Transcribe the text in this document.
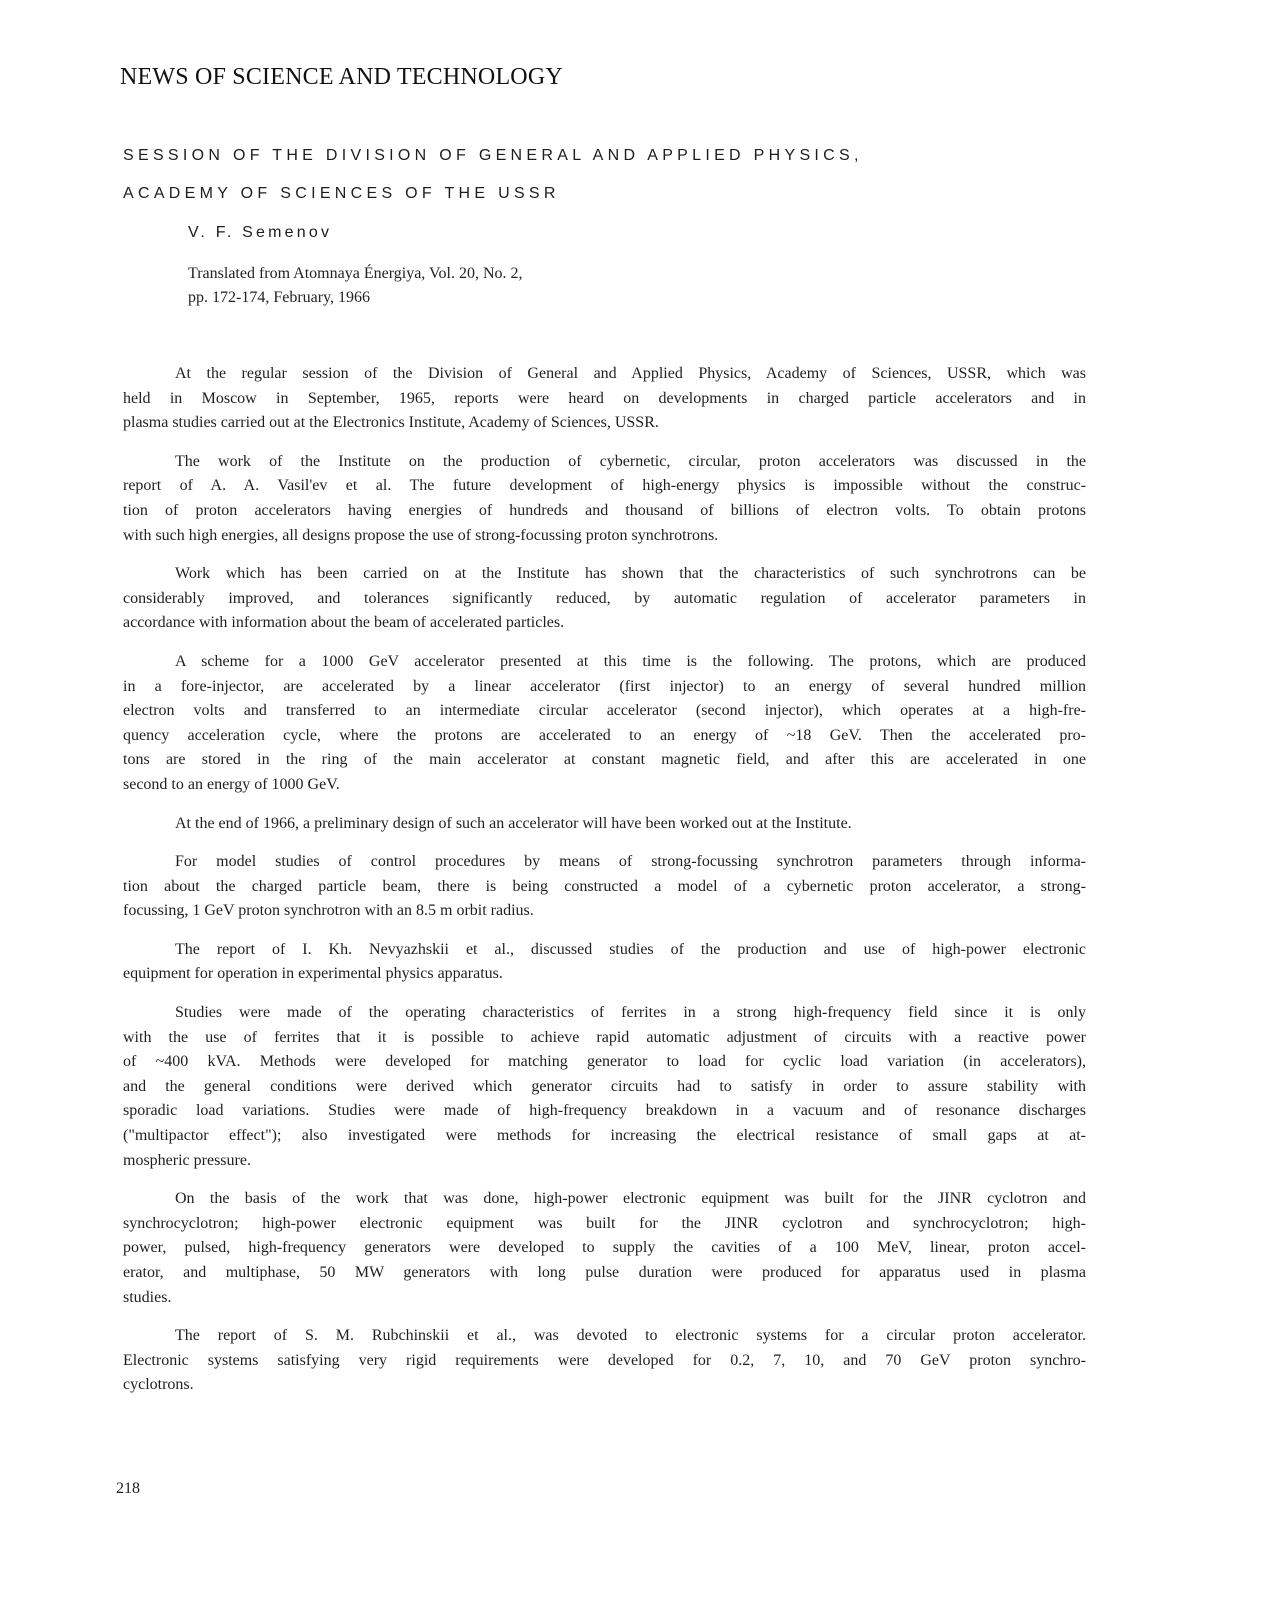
NEWS OF SCIENCE AND TECHNOLOGY
SESSION OF THE DIVISION OF GENERAL AND APPLIED PHYSICS,
ACADEMY OF SCIENCES OF THE USSR
V. F. Semenov
Translated from Atomnaya Énergiya, Vol. 20, No. 2,
pp. 172-174, February, 1966

At the regular session of the Division of General and Applied Physics, Academy of Sciences, USSR, which was
held in Moscow in September, 1965, reports were heard on developments in charged particle accelerators and in
plasma studies carried out at the Electronics Institute, Academy of Sciences, USSR.

The work of the Institute on the production of cybernetic, circular, proton accelerators was discussed in the
report of A. A. Vasil'ev et al. The future development of high-energy physics is impossible without the construc-
tion of proton accelerators having energies of hundreds and thousand of billions of electron volts. To obtain protons
with such high energies, all designs propose the use of strong-focussing proton synchrotrons.

Work which has been carried on at the Institute has shown that the characteristics of such synchrotrons can be
considerably improved, and tolerances significantly reduced, by automatic regulation of accelerator parameters in
accordance with information about the beam of accelerated particles.

A scheme for a 1000 GeV accelerator presented at this time is the following. The protons, which are produced
in a fore-injector, are accelerated by a linear accelerator (first injector) to an energy of several hundred million
electron volts and transferred to an intermediate circular accelerator (second injector), which operates at a high-fre-
quency acceleration cycle, where the protons are accelerated to an energy of ~18 GeV. Then the accelerated pro-
tons are stored in the ring of the main accelerator at constant magnetic field, and after this are accelerated in one
second to an energy of 1000 GeV.

At the end of 1966, a preliminary design of such an accelerator will have been worked out at the Institute.

For model studies of control procedures by means of strong-focussing synchrotron parameters through informa-
tion about the charged particle beam, there is being constructed a model of a cybernetic proton accelerator, a strong-
focussing, 1 GeV proton synchrotron with an 8.5 m orbit radius.

The report of I. Kh. Nevyazhskii et al., discussed studies of the production and use of high-power electronic
equipment for operation in experimental physics apparatus.

Studies were made of the operating characteristics of ferrites in a strong high-frequency field since it is only
with the use of ferrites that it is possible to achieve rapid automatic adjustment of circuits with a reactive power
of ~400 kVA. Methods were developed for matching generator to load for cyclic load variation (in accelerators),
and the general conditions were derived which generator circuits had to satisfy in order to assure stability with
sporadic load variations. Studies were made of high-frequency breakdown in a vacuum and of resonance discharges
("multipactor effect"); also investigated were methods for increasing the electrical resistance of small gaps at at-
mospheric pressure.

On the basis of the work that was done, high-power electronic equipment was built for the JINR cyclotron and
synchrocyclotron; high-power electronic equipment was built for the JINR cyclotron and synchrocyclotron; high-
power, pulsed, high-frequency generators were developed to supply the cavities of a 100 MeV, linear, proton accel-
erator, and multiphase, 50 MW generators with long pulse duration were produced for apparatus used in plasma
studies.

The report of S. M. Rubchinskii et al., was devoted to electronic systems for a circular proton accelerator.
Electronic systems satisfying very rigid requirements were developed for 0.2, 7, 10, and 70 GeV proton synchro-
cyclotrons.

218
